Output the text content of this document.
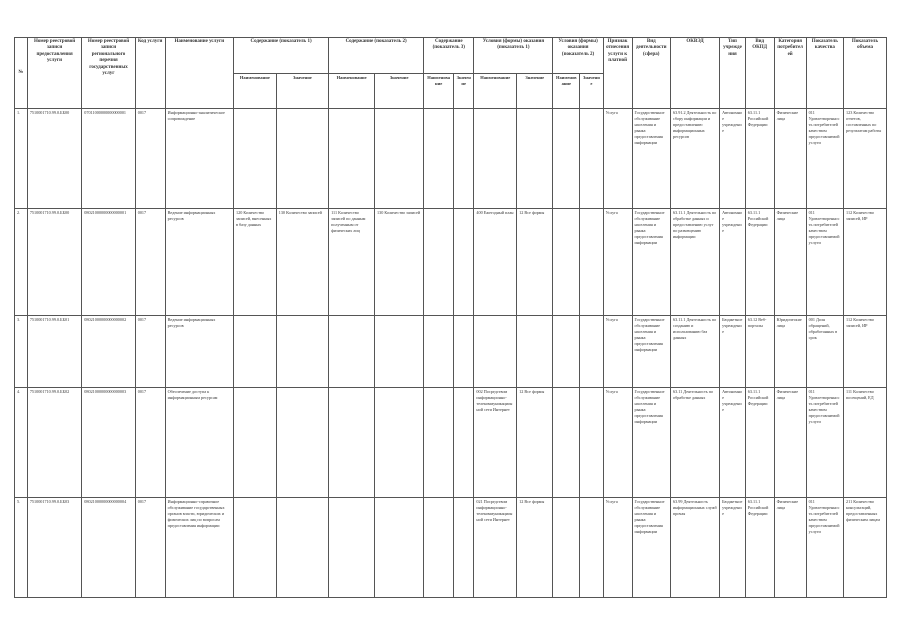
№	Номер реестровой записи предоставления услуги	Номер реестровой записи регионального перечня государственных услуг	Код услуги	Наименование услуги	Содержание (показатель 1)		Содержание (показатель 2)		Содержание (показатель 3)		Условия (формы) оказания (показатель 1)		Условия (формы) оказания (показатель 2)		Признак отнесения услуги к платной	Вид деятельности (сфера)	ОКВЭД	Тип учреждения	Вид ОКПД	Категория потребителей	Показатель качества	Показатель объема
					Наименование	Значение	Наименование	Значение	Наименование	Значение	Наименование	Значение	Наименование	Значение								
1.	7510001710.99.0.ББ00	07011000000000000001	0017	Информационно-аналитическое сопровождение											Услуга	Государственное обслуживание населения и рынка предоставления информации	63.91.2 Деятельность по сбору информации и предоставлению информационных ресурсов	Автономное учреждение	63.11.1 Российской Федерации	Физические лица	011 Удовлетворенность потребителей качеством предоставляемой услуги	123 Количество отчетов, составленных по результатам работы
2.	7510001710.99.0.ББ00	08021000000000000001	0017	Ведение информационных ресурсов	120 Количество записей, внесенных в базу данных	130 Количество записей	111 Количество записей по данным полученным от физических лиц	130 Количество записей			400 Ежегодный план	12 Все формы			Услуга	Государственное обслуживание населения и рынка предоставления информации	63.11.1 Деятельность по обработке данных и предоставлению услуг по размещению информации	Автономное учреждение	63.11.1 Российской Федерации	Физические лица	011 Удовлетворенность потребителей качеством предоставляемой услуги	112 Количество записей, ИР
3.	7510001710.99.0.ББ01	08021000000000000002	0017	Ведение информационных ресурсов											Услуга	Государственное обслуживание населения и рынка предоставления информации	63.11.1 Деятельность по созданию и использованию баз данных	Бюджетное учреждение	63.12 Веб-порталы	Юридические лица	001 Доля обращений, обработанных в срок	112 Количество записей, ИР
4.	7510001710.99.0.ББ02	08021000000000000003	0017	Обеспечение доступа к информационным ресурсам							002 Посредством информационно-телекоммуникационной сети Интернет	12 Все формы			Услуга	Государственное обслуживание населения и рынка предоставления информации	63.11 Деятельность по обработке данных	Автономное учреждение	63.11.1 Российской Федерации	Физические лица	011 Удовлетворенность потребителей качеством предоставляемой услуги	111 Количество посещений, ЕД
5.	7510001710.99.0.ББ03	08021000000000000004	0017	Информационно-справочное обслуживание государственных органов власти, юридических и физических лиц по вопросам предоставления информации							021 Посредством информационно-телекоммуникационной сети Интернет	12 Все формы			Услуга	Государственное обслуживание населения и рынка предоставления информации	63.99 Деятельность информационных служб прочая	Бюджетное учреждение	63.11.1 Российской Федерации	Физические лица	011 Удовлетворенность потребителей качеством предоставляемой услуги	211 Количество консультаций, предоставленных физическим лицам
